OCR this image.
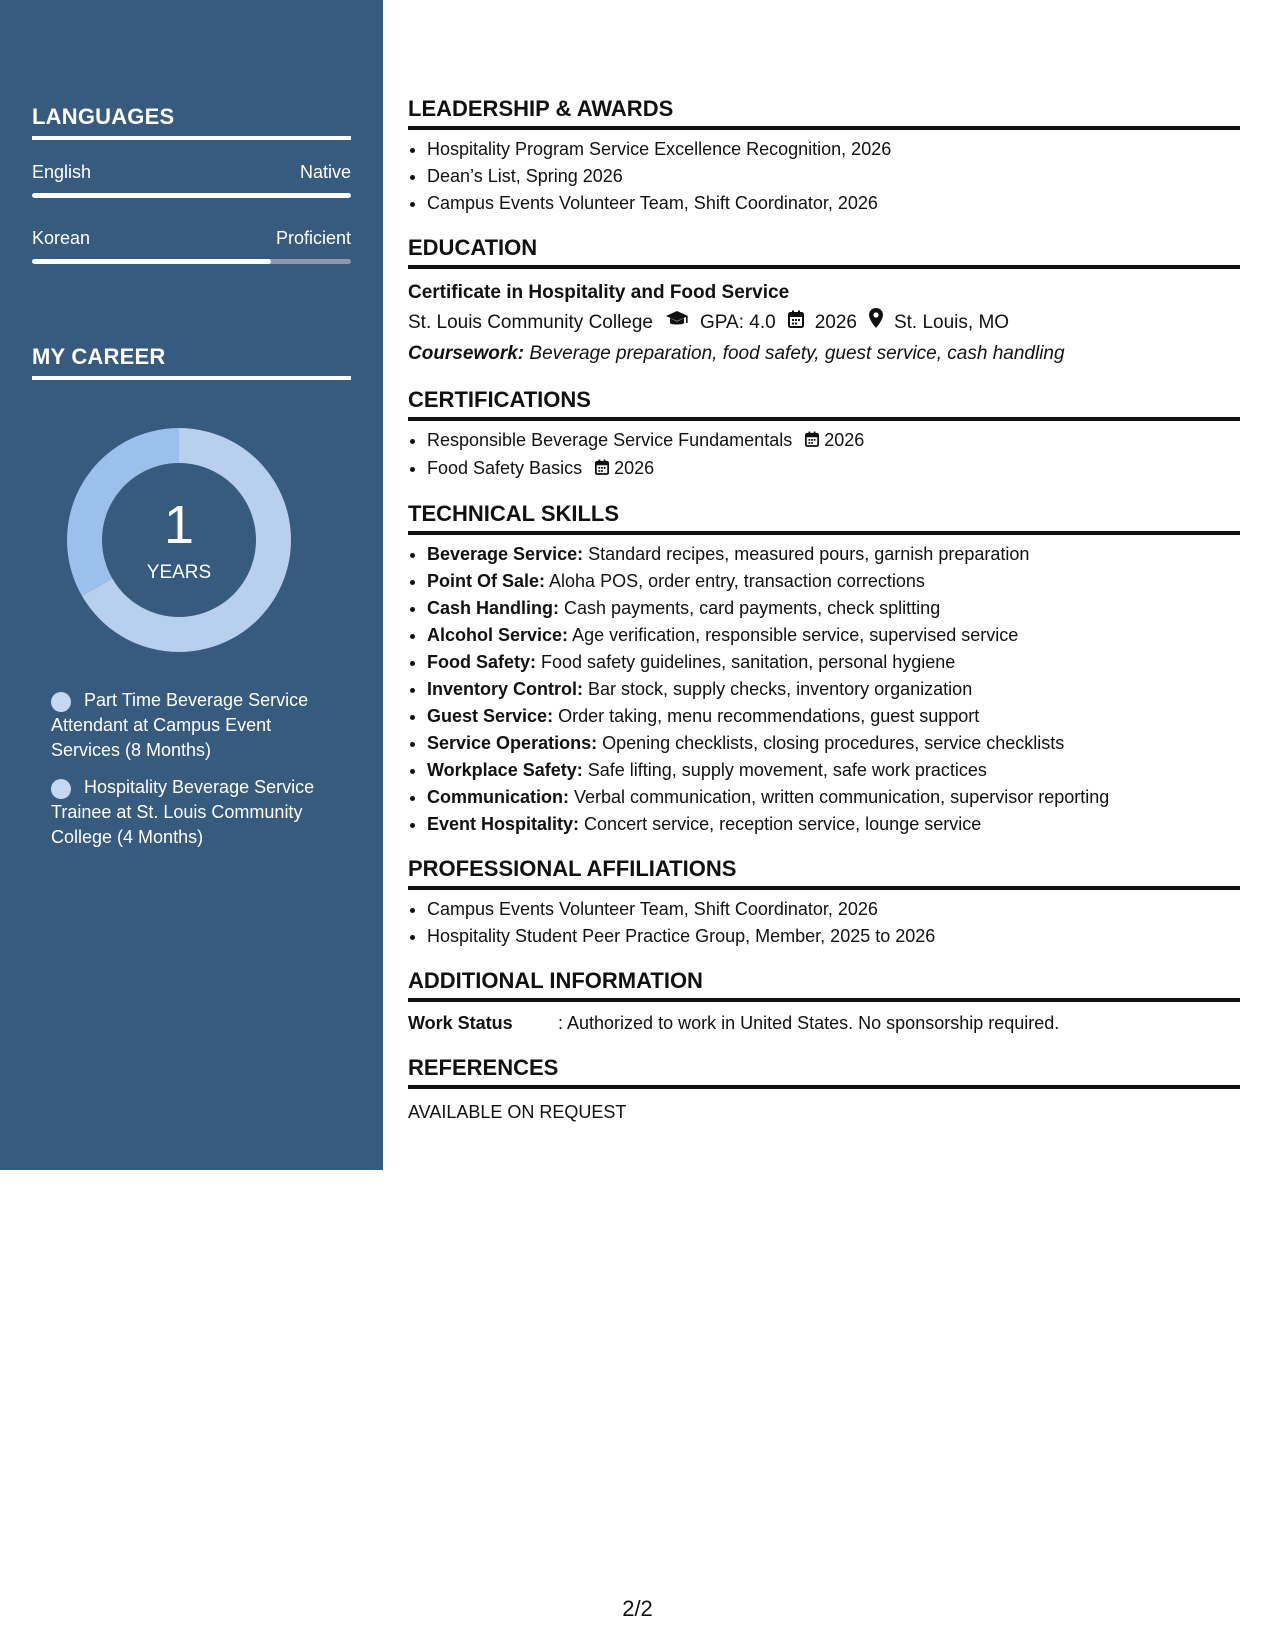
LANGUAGES
English	Native
Korean	Proficient
MY CAREER
1
YEARS
Part Time Beverage Service Attendant at Campus Event Services (8 Months)
Hospitality Beverage Service Trainee at St. Louis Community College (4 Months)
LEADERSHIP & AWARDS
• Hospitality Program Service Excellence Recognition, 2026
• Dean’s List, Spring 2026
• Campus Events Volunteer Team, Shift Coordinator, 2026
EDUCATION
Certificate in Hospitality and Food Service
St. Louis Community College GPA: 4.0 2026 St. Louis, MO
Coursework: Beverage preparation, food safety, guest service, cash handling
CERTIFICATIONS
• Responsible Beverage Service Fundamentals 2026
• Food Safety Basics 2026
TECHNICAL SKILLS
• Beverage Service: Standard recipes, measured pours, garnish preparation
• Point Of Sale: Aloha POS, order entry, transaction corrections
• Cash Handling: Cash payments, card payments, check splitting
• Alcohol Service: Age verification, responsible service, supervised service
• Food Safety: Food safety guidelines, sanitation, personal hygiene
• Inventory Control: Bar stock, supply checks, inventory organization
• Guest Service: Order taking, menu recommendations, guest support
• Service Operations: Opening checklists, closing procedures, service checklists
• Workplace Safety: Safe lifting, supply movement, safe work practices
• Communication: Verbal communication, written communication, supervisor reporting
• Event Hospitality: Concert service, reception service, lounge service
PROFESSIONAL AFFILIATIONS
• Campus Events Volunteer Team, Shift Coordinator, 2026
• Hospitality Student Peer Practice Group, Member, 2025 to 2026
ADDITIONAL INFORMATION
Work Status	: Authorized to work in United States. No sponsorship required.
REFERENCES
AVAILABLE ON REQUEST
2/2
